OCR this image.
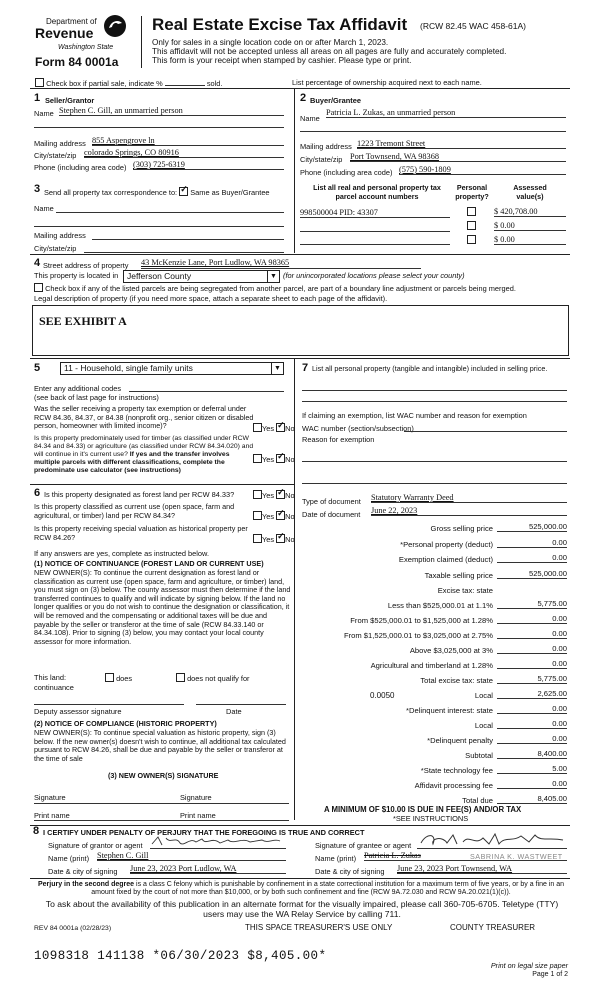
Department of
Revenue
Washington State
Form 84 0001a
Real Estate Excise Tax Affidavit (RCW 82.45 WAC 458-61A)
Only for sales in a single location code on or after March 1, 2023.
This affidavit will not be accepted unless all areas on all pages are fully and accurately completed.
This form is your receipt when stamped by cashier. Please type or print.
Check box if partial sale, indicate %	sold.	List percentage of ownership acquired next to each name.
1 Seller/Grantor
Name Stephen C. Gill, an unmarried person
Mailing address 855 Aspengrove ln
City/state/zip colorado Springs, CO 80916
Phone (including area code) (303) 725-6319
2 Buyer/Grantee
Name
Patricia L. Zukas, an unmarried person
Mailing address 1223 Tremont Street
City/state/zip Port Townsend, WA 98368
Phone (including area code) (575) 590-1809
3 Send all property tax correspondence to: ✓ Same as Buyer/Grantee
Name
Mailing address
City/state/zip
List all real and personal property tax parcel account numbers
Personal property?
Assessed value(s)
998500004 PID: 43307	$ 420,708.00
$ 0.00
$ 0.00
4 Street address of property 43 McKenzie Lane, Port Ludlow, WA 98365
This property is located in	Jefferson County	▼ (for unincorporated locations please select your county)
Check box if any of the listed parcels are being segregated from another parcel, are part of a boundary line adjustment or parcels being merged.
Legal description of property (if you need more space, attach a separate sheet to each page of the affidavit).
SEE EXHIBIT A
5	11 - Household, single family units	▼
Enter any additional codes
(see back of last page for instructions)
Was the seller receiving a property tax exemption or deferral under RCW 84.36, 84.37, or 84.38 (nonprofit org., senior citizen or disabled person, homeowner with limited income)?	Yes ✓ No
Is this property predominately used for timber (as classified under RCW 84.34 and 84.33) or agriculture (as classified under RCW 84.34.020) and will continue in it's current use? If yes and the transfer involves multiple parcels with different classifications, complete the predominate use calculator (see instructions)
Yes ✓ No
6 Is this property designated as forest land per RCW 84.33?	Yes ✓ No
Is this property classified as current use (open space, farm and agricultural, or timber) land per RCW 84.34?	Yes ✓ No
Is this property receiving special valuation as historical property per RCW 84.26?	Yes ✓ No
If any answers are yes, complete as instructed below.
(1) NOTICE OF CONTINUANCE (FOREST LAND OR CURRENT USE)
NEW OWNER(S): To continue the current designation as forest land or classification as current use (open space, farm and agriculture, or timber) land, you must sign on (3) below. The county assessor must then determine if the land transferred continues to qualify and will indicate by signing below. If the land no longer qualifies or you do not wish to continue the designation or classification, it will be removed and the compensating or additional taxes will be due and payable by the seller or transferor at the time of sale (RCW 84.33.140 or 84.34.108). Prior to signing (3) below, you may contact your local county assessor for more information.
This land:	does	does not qualify for
continuance
Deputy assessor signature	Date
(2) NOTICE OF COMPLIANCE (HISTORIC PROPERTY)
NEW OWNER(S): To continue special valuation as historic property, sign (3) below. If the new owner(s) doesn't wish to continue, all additional tax calculated pursuant to RCW 84.26, shall be due and payable by the seller or transferor at the time of sale
(3) NEW OWNER(S) SIGNATURE
Signature	Signature
Print name	Print name
7 List all personal property (tangible and intangible) included in selling price.
If claiming an exemption, list WAC number and reason for exemption
WAC number (section/subsection)
Reason for exemption
Type of document Statutory Warranty Deed
Date of document June 22, 2023
Gross selling price	525,000.00
*Personal property (deduct)	0.00
Exemption claimed (deduct)	0.00
Taxable selling price	525,000.00
Excise tax: state
Less than $525,000.01 at 1.1%	5,775.00
From $525,000.01 to $1,525,000 at 1.28%	0.00
From $1,525,000.01 to $3,025,000 at 2.75%	0.00
Above $3,025,000 at 3%	0.00
Agricultural and timberland at 1.28%	0.00
Total excise tax: state	5,775.00
0.0050	Local	2,625.00
*Delinquent interest: state	0.00
Local	0.00
*Delinquent penalty	0.00
Subtotal	8,400.00
*State technology fee	5.00
Affidavit processing fee	0.00
Total due	8,405.00
A MINIMUM OF $10.00 IS DUE IN FEE(S) AND/OR TAX
*SEE INSTRUCTIONS
8 I CERTIFY UNDER PENALTY OF PERJURY THAT THE FOREGOING IS TRUE AND CORRECT
Signature of grantor or agent	Signature of grantee or agent
Name (print) Stephen C. Gill	Name (print) Patricia L. Zukas	SABRINA K. WASTWEET
Date & city of signing June 23, 2023 Port Ludlow, WA	Date & city of signing June 23, 2023 Port Townsend, WA
Perjury in the second degree is a class C felony which is punishable by confinement in a state correctional institution for a maximum term of five years, or by a fine in an amount fixed by the court of not more than $10,000, or by both such confinement and fine (RCW 9A.72.030 and RCW 9A.20.021(1)(c)).
To ask about the availability of this publication in an alternate format for the visually impaired, please call 360-705-6705. Teletype (TTY) users may use the WA Relay Service by calling 711.
REV 84 0001a (02/28/23)	THIS SPACE TREASURER'S USE ONLY	COUNTY TREASURER
1098318 141138 *06/30/2023 $8,405.00*
Print on legal size paper
Page 1 of 2
